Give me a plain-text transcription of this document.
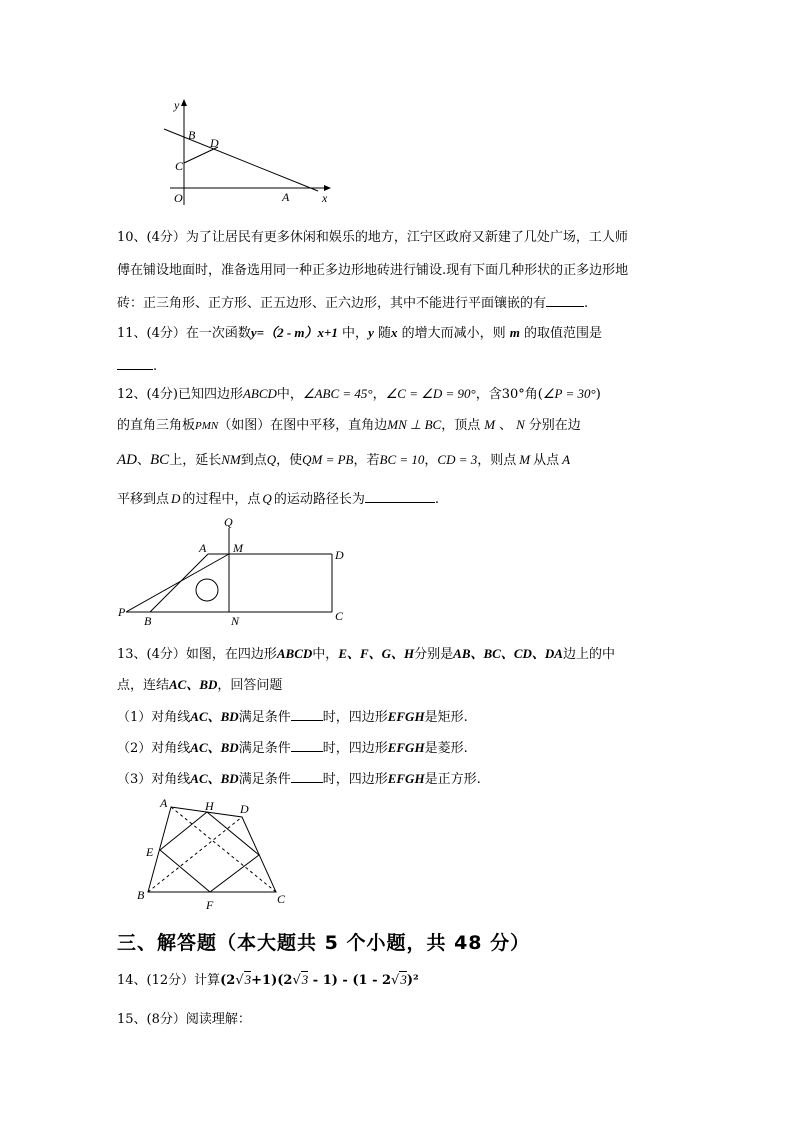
y
B
D
C
O	A	x
10、(4分）为了让居民有更多休闲和娱乐的地方，江宁区政府又新建了几处广场，工人师
傅在铺设地面时，准备选用同一种正多边形地砖进行铺设.现有下面几种形状的正多边形地
砖：正三角形、正方形、正五边形、正六边形，其中不能进行平面镶嵌的有	.
11、(4分）在一次函数y=（2 - m）x+1 中，y 随x 的增大而减小，则 m 的取值范围是
.
12、(4分)已知四边形ABCD中，∠ABC = 45°，∠C = ∠D = 90°，含30°角(∠P = 30°)
的直角三角板PMN（如图）在图中平移，直角边MN ⊥ BC，顶点 M 、 N 分别在边
AD、BC上，延长NM到点Q，使QM = PB，若BC = 10，CD = 3，则点 M 从点 A
平移到点 D 的过程中，点 Q 的运动路径长为	.
Q
A M	D
P
B	N	C
13、(4分）如图，在四边形ABCD中，E、F、G、H分别是AB、BC、CD、DA边上的中
点，连结AC、BD，回答问题
（1）对角线AC、BD满足条件 时，四边形EFGH是矩形.
（2）对角线AC、BD满足条件 时，四边形EFGH是菱形.
（3）对角线AC、BD满足条件 时，四边形EFGH是正方形.
A	H D
E
B
F	C
三、解答题（本大题共 5 个小题，共 48 分）
14、(12分）计算(2√3+1)(2√3 - 1) - (1 - 2√3)²
15、(8分）阅读理解：
